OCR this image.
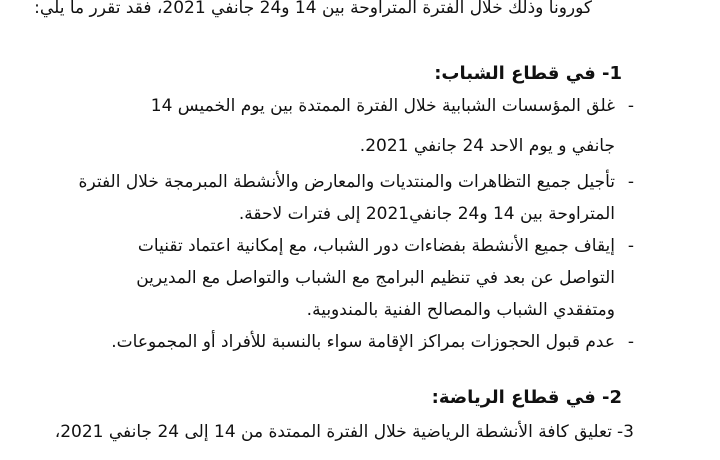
كورونا وذلك خلال الفترة المتراوحة بين 14 و24 جانفي 2021، فقد تقرر ما يلي:

1- في قطاع الشباب:

-

غلق المؤسسات الشبابية خلال الفترة الممتدة بين يوم الخميس 14

جانفي و يوم الاحد 24 جانفي 2021.

-

تأجيل جميع التظاهرات والمنتديات والمعارض والأنشطة المبرمجة خلال الفترة

المتراوحة بين 14 و24 جانفي2021 إلى فترات لاحقة.

-

إيقاف جميع الأنشطة بفضاءات دور الشباب، مع إمكانية اعتماد تقنيات

التواصل عن بعد في تنظيم البرامج مع الشباب والتواصل مع المديرين

ومتفقدي الشباب والمصالح الفنية بالمندوبية.

-

عدم قبول الحجوزات بمراكز الإقامة سواء بالنسبة للأفراد أو المجموعات.

2- في قطاع الرياضة:

3-

تعليق كافة الأنشطة الرياضية خلال الفترة الممتدة من 14 إلى 24 جانفي 2021،
